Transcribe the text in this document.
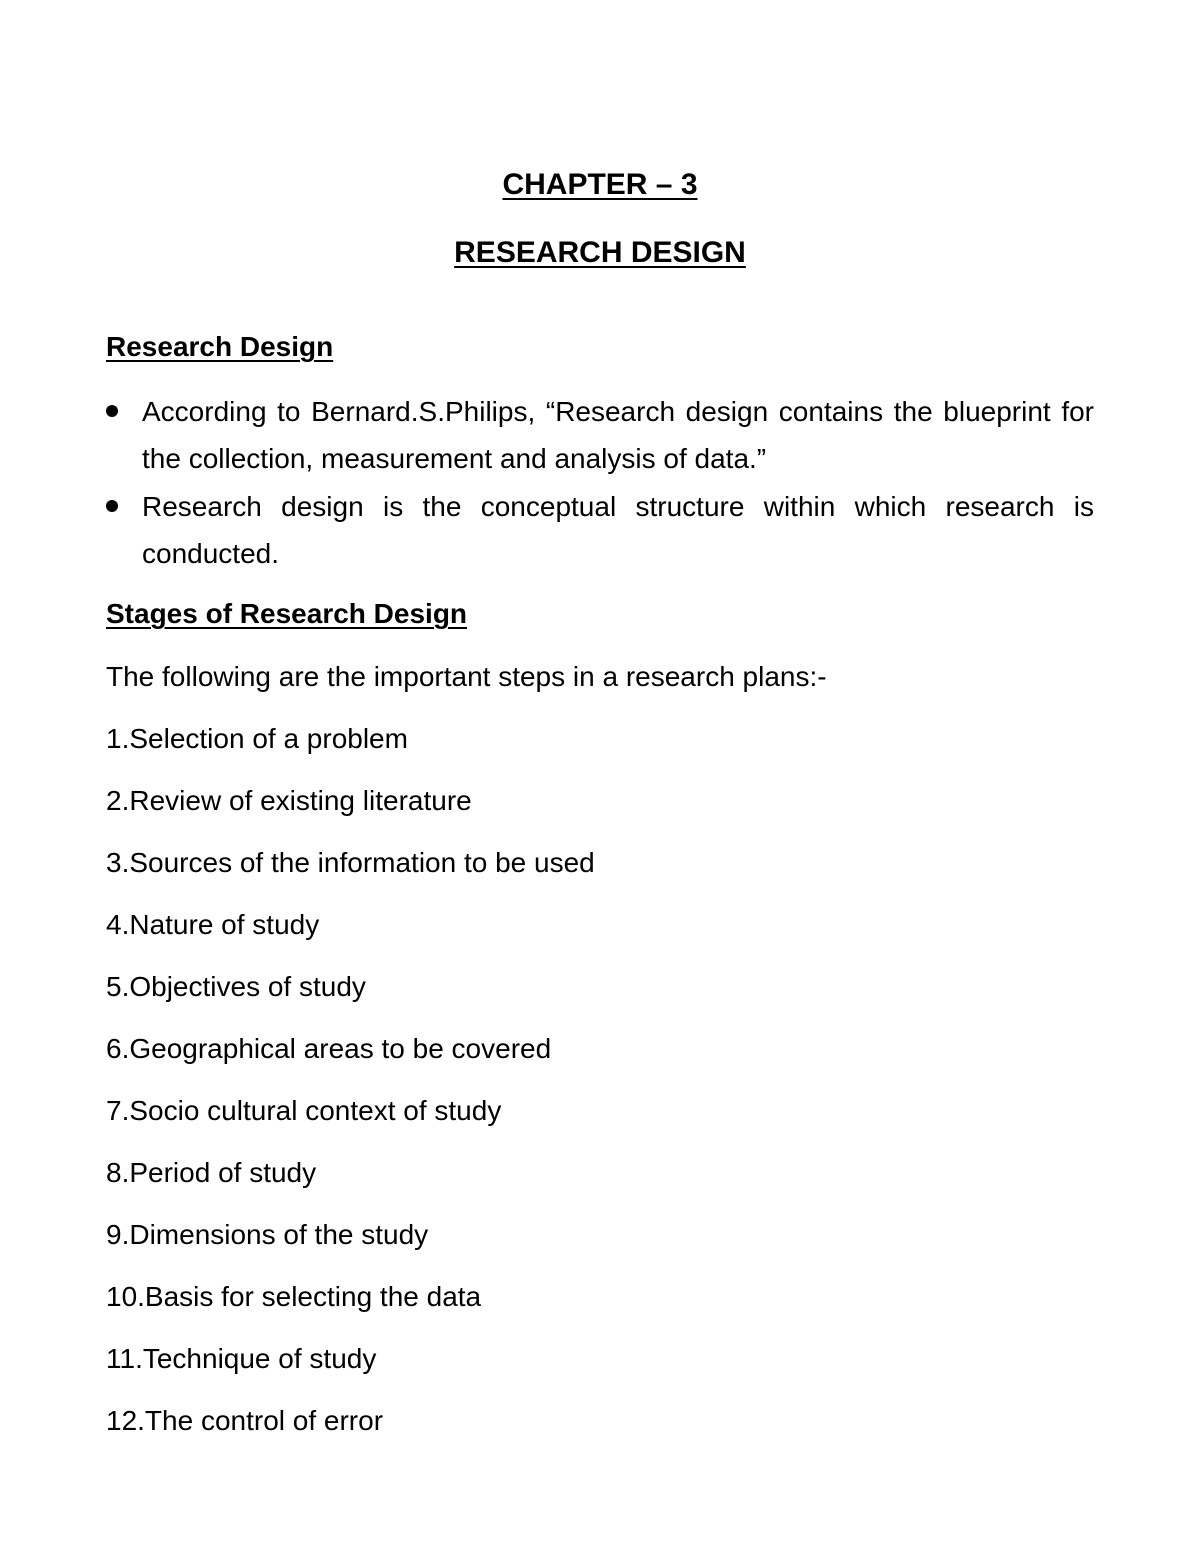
CHAPTER – 3
RESEARCH DESIGN
Research Design
According to Bernard.S.Philips, “Research design contains the blueprint for the collection, measurement and analysis of data.”
Research design is the conceptual structure within which research is conducted.
Stages of Research Design
The following are the important steps in a research plans:-
1.Selection of a problem
2.Review of existing literature
3.Sources of the information to be used
4.Nature of study
5.Objectives of study
6.Geographical areas to be covered
7.Socio cultural context of study
8.Period of study
9.Dimensions of the study
10.Basis for selecting the data
11.Technique of study
12.The control of error
